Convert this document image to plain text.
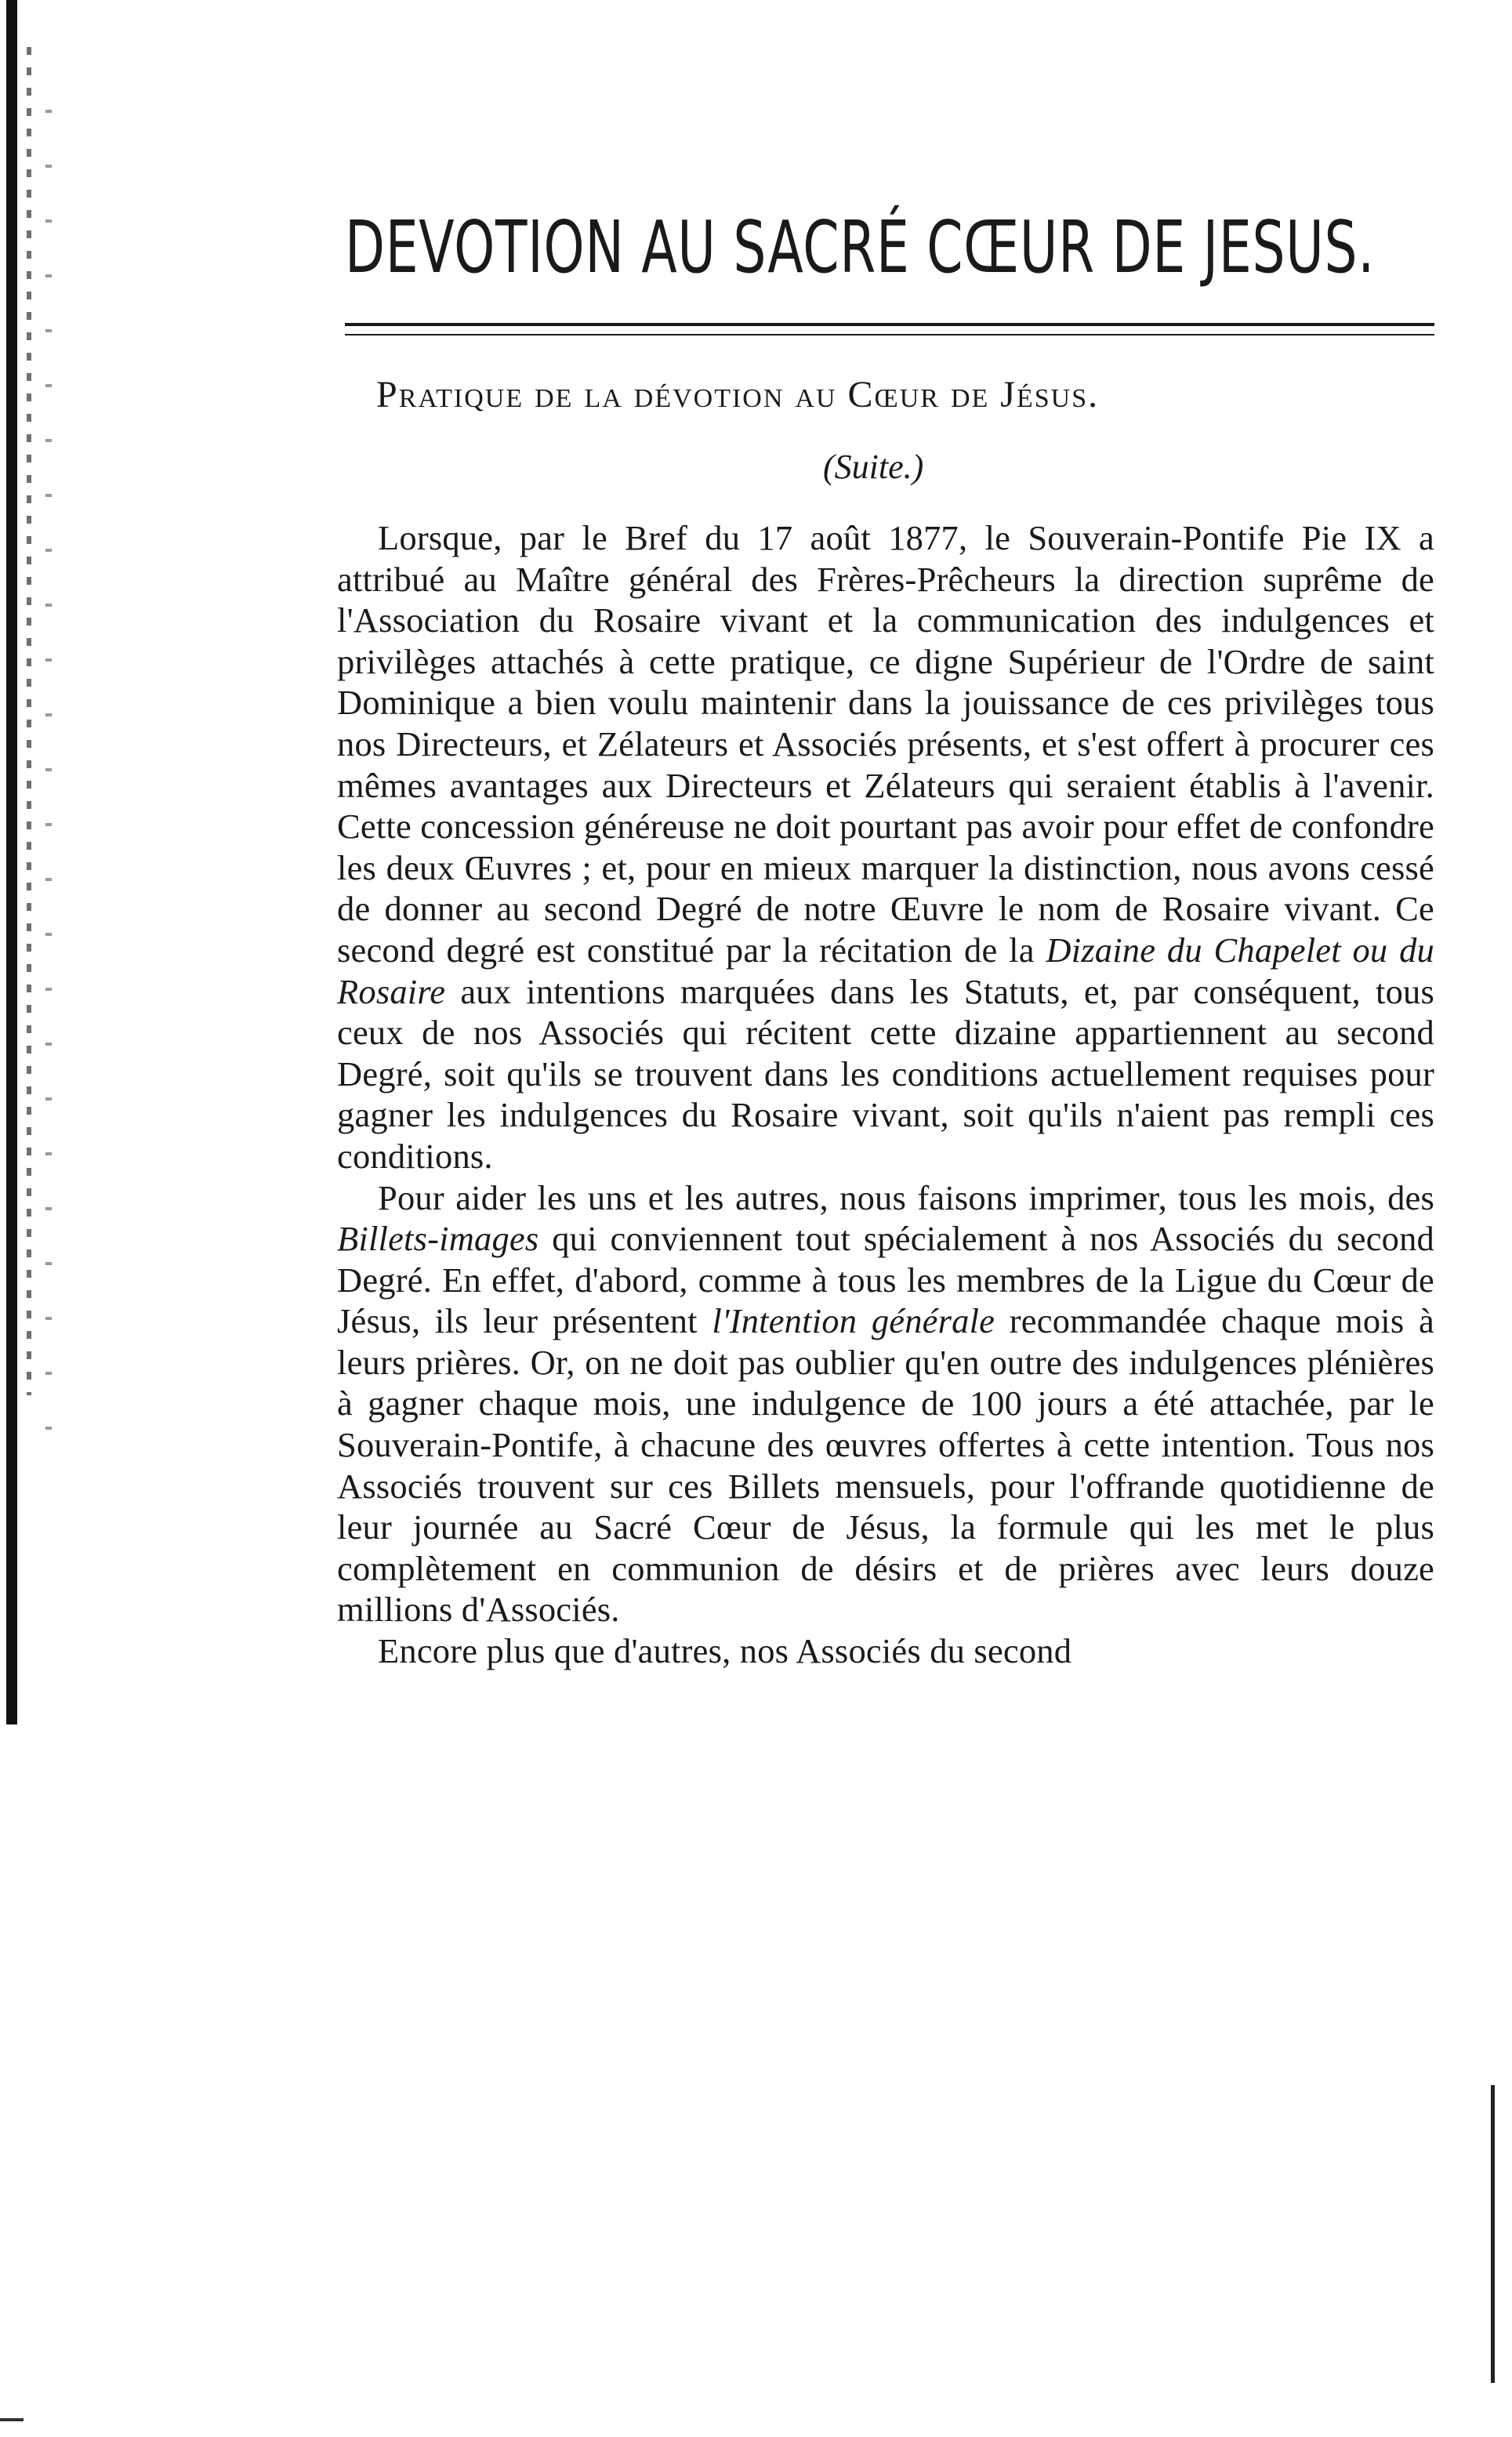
DEVOTION AU SACRÉ CŒUR DE JESUS.
Pratique de la dévotion au Cœur de Jésus.

(Suite.)

Lorsque, par le Bref du 17 août 1877, le Souverain-Pontife Pie IX a attribué au Maître général des Frères-Prêcheurs la direction suprême de l'Association du Rosaire vivant et la communication des indulgences et privilèges attachés à cette pratique, ce digne Supérieur de l'Ordre de saint Dominique a bien voulu maintenir dans la jouissance de ces privilèges tous nos Directeurs, et Zélateurs et Associés présents, et s'est offert à procurer ces mêmes avantages aux Directeurs et Zélateurs qui seraient établis à l'avenir. Cette concession généreuse ne doit pourtant pas avoir pour effet de confondre les deux Œuvres ; et, pour en mieux marquer la distinction, nous avons cessé de donner au second Degré de notre Œuvre le nom de Rosaire vivant. Ce second degré est constitué par la récitation de la Dizaine du Chapelet ou du Rosaire aux intentions marquées dans les Statuts, et, par conséquent, tous ceux de nos Associés qui récitent cette dizaine appartiennent au second Degré, soit qu'ils se trouvent dans les conditions actuellement requises pour gagner les indulgences du Rosaire vivant, soit qu'ils n'aient pas rempli ces conditions.

Pour aider les uns et les autres, nous faisons imprimer, tous les mois, des Billets-images qui conviennent tout spécialement à nos Associés du second Degré. En effet, d'abord, comme à tous les membres de la Ligue du Cœur de Jésus, ils leur présentent l'Intention générale recommandée chaque mois à leurs prières. Or, on ne doit pas oublier qu'en outre des indulgences plénières à gagner chaque mois, une indulgence de 100 jours a été attachée, par le Souverain-Pontife, à chacune des œuvres offertes à cette intention. Tous nos Associés trouvent sur ces Billets mensuels, pour l'offrande quotidienne de leur journée au Sacré Cœur de Jésus, la formule qui les met le plus complètement en communion de désirs et de prières avec leurs douze millions d'Associés.

Encore plus que d'autres, nos Associés du second
